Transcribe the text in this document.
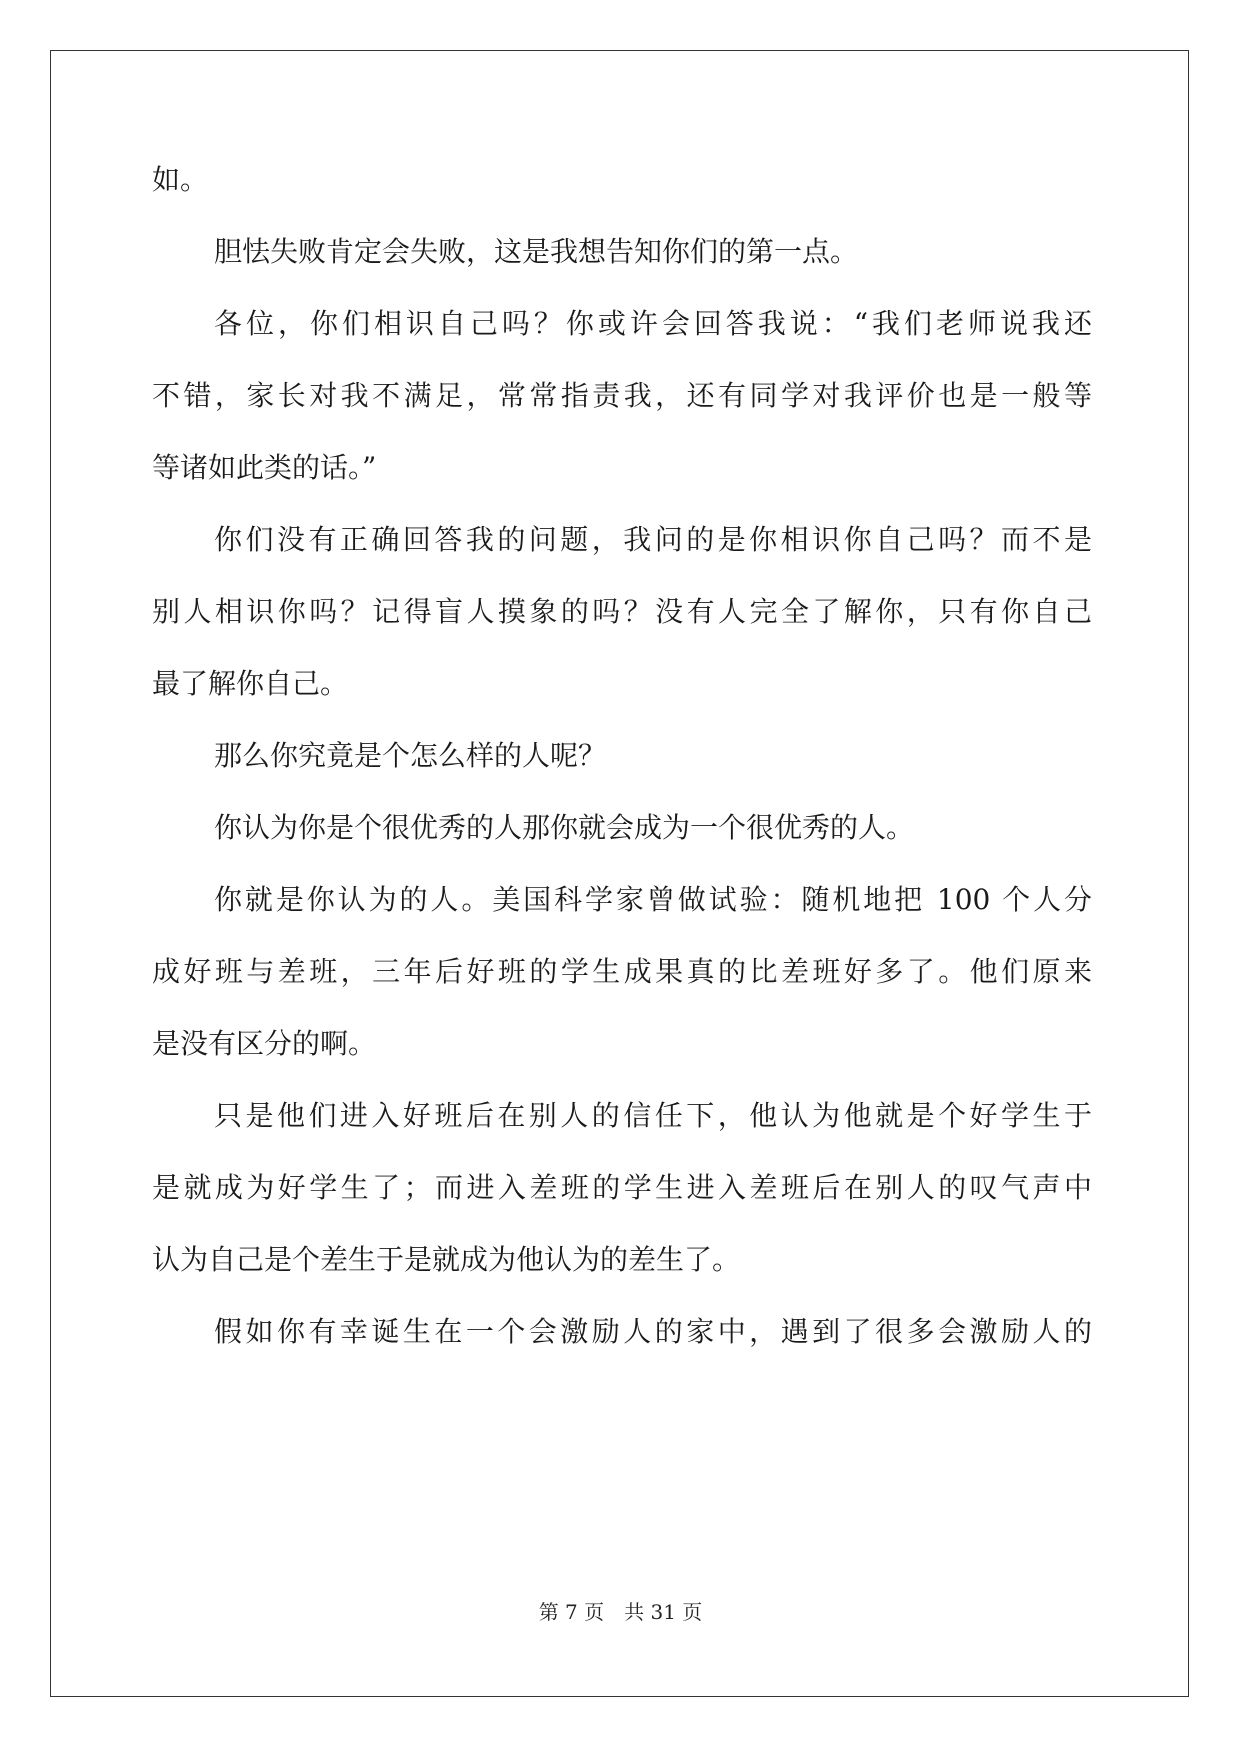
如。
胆怯失败肯定会失败，这是我想告知你们的第一点。
各位，你们相识自己吗？你或许会回答我说：“我们老师说我还
不错，家长对我不满足，常常指责我，还有同学对我评价也是一般等
等诸如此类的话。”
你们没有正确回答我的问题，我问的是你相识你自己吗？而不是
别人相识你吗？记得盲人摸象的吗？没有人完全了解你，只有你自己
最了解你自己。
那么你究竟是个怎么样的人呢？
你认为你是个很优秀的人那你就会成为一个很优秀的人。
你就是你认为的人。美国科学家曾做试验：随机地把 100 个人分
成好班与差班，三年后好班的学生成果真的比差班好多了。他们原来
是没有区分的啊。
只是他们进入好班后在别人的信任下，他认为他就是个好学生于
是就成为好学生了；而进入差班的学生进入差班后在别人的叹气声中
认为自己是个差生于是就成为他认为的差生了。
假如你有幸诞生在一个会激励人的家中，遇到了很多会激励人的
第 7 页 共 31 页
